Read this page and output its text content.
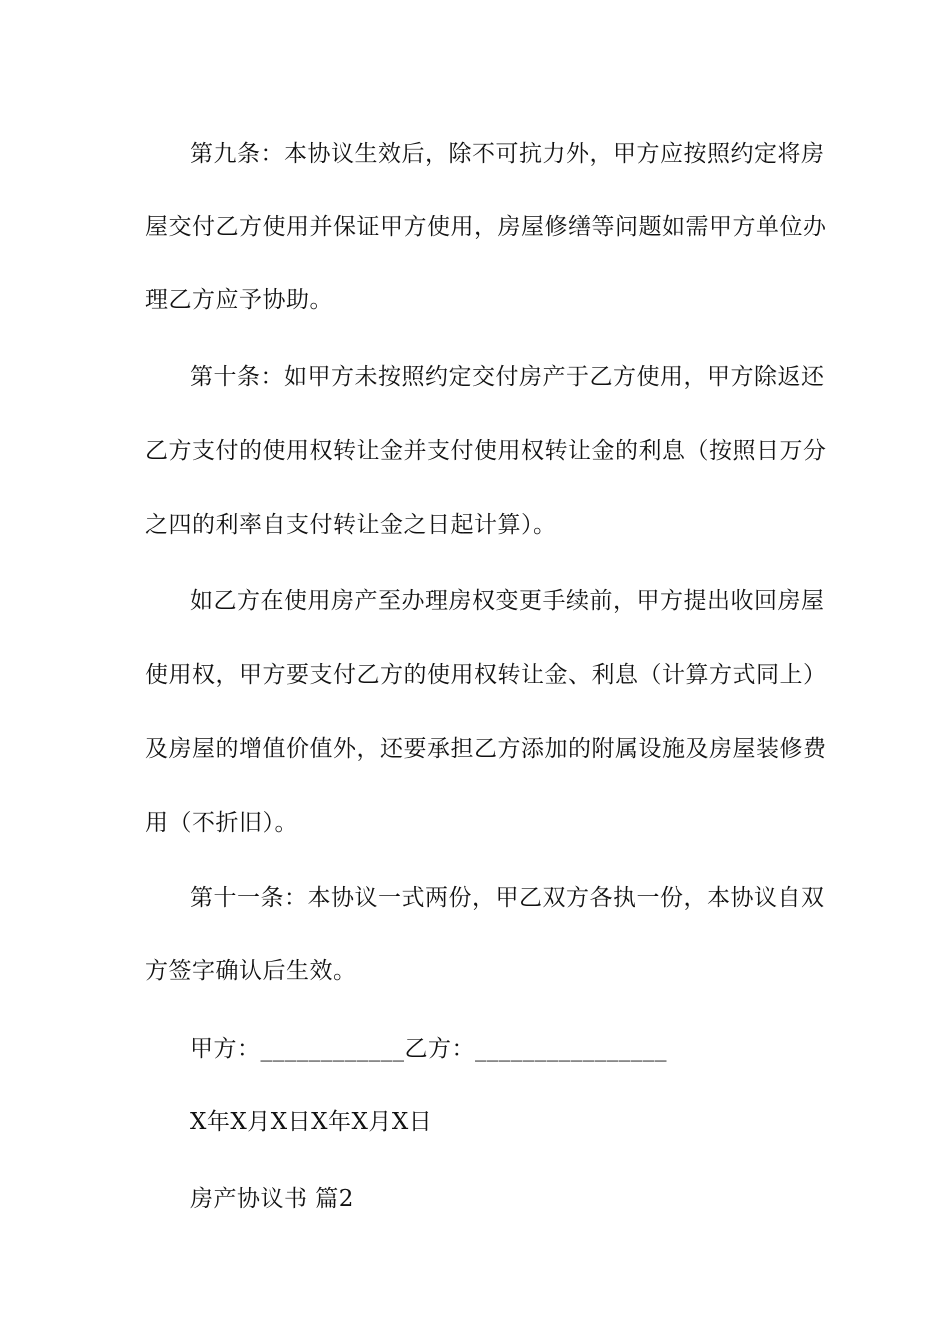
第九条：本协议生效后，除不可抗力外，甲方应按照约定将房
屋交付乙方使用并保证甲方使用，房屋修缮等问题如需甲方单位办
理乙方应予协助。
第十条：如甲方未按照约定交付房产于乙方使用，甲方除返还
乙方支付的使用权转让金并支付使用权转让金的利息（按照日万分
之四的利率自支付转让金之日起计算）。
如乙方在使用房产至办理房权变更手续前，甲方提出收回房屋
使用权，甲方要支付乙方的使用权转让金、利息（计算方式同上）
及房屋的增值价值外，还要承担乙方添加的附属设施及房屋装修费
用（不折旧）。
第十一条：本协议一式两份，甲乙双方各执一份，本协议自双
方签字确认后生效。
甲方：____________乙方：________________
X年X月X日X年X月X日
房产协议书 篇2
